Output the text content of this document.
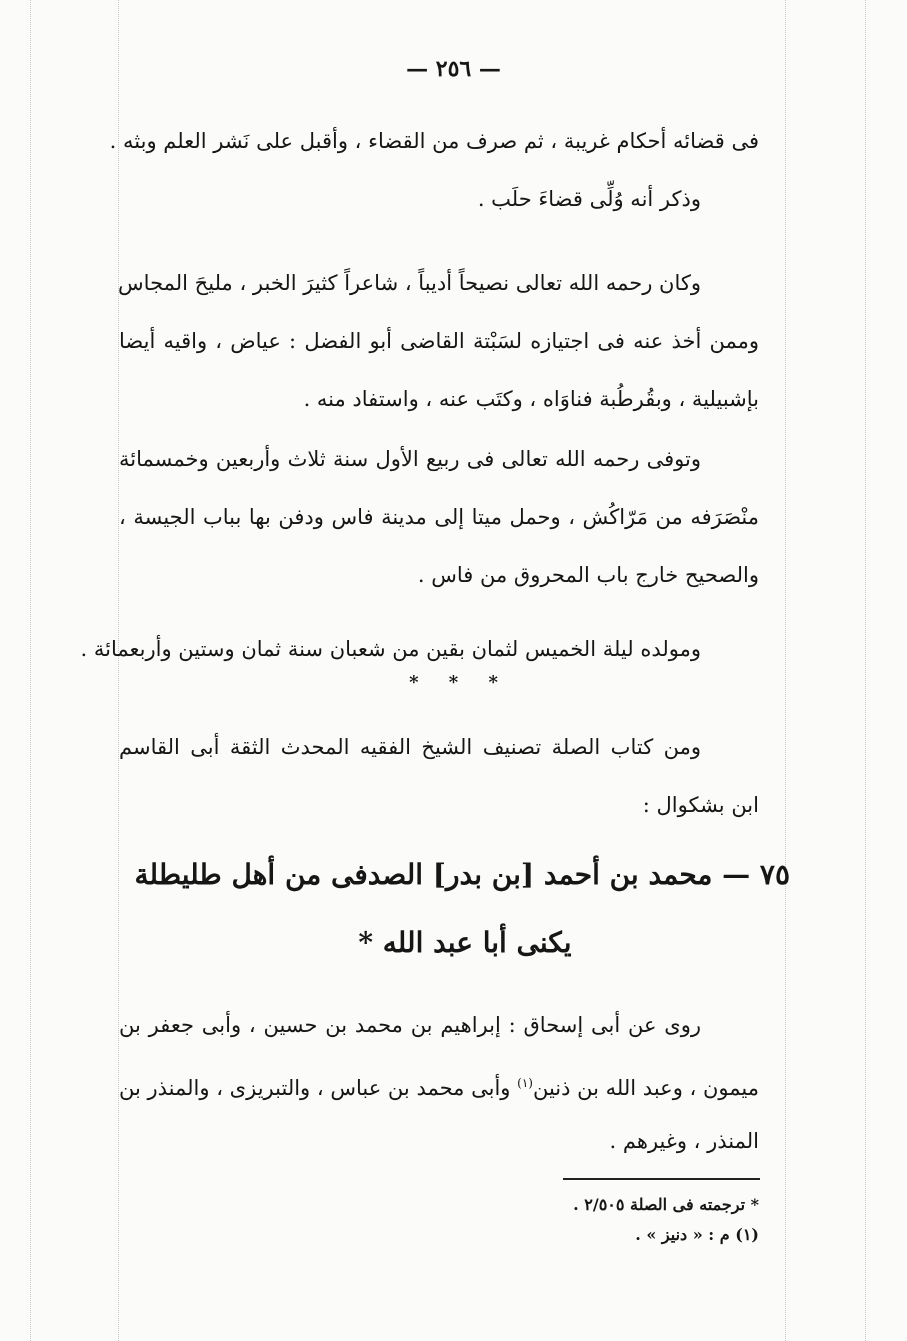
— ٢٥٦ —
فى قضائه أحكام غريبة ، ثم صرف من القضاء ، وأقبل على نَشر العلم وبثه .
وذكر أنه وُلِّى قضاءَ حلَب .
وكان رحمه الله تعالى نصيحاً أديباً ، شاعراً كثيرَ الخبر ، مليحَ المجاس
وممن أخذ عنه فى اجتيازه لسَبْتة القاضى أبو الفضل : عياض ، واقيه أيضا
بإشبيلية ، وبقُرطُبة فناوَاه ، وكتَب عنه ، واستفاد منه .
وتوفى رحمه الله تعالى فى ربيع الأول سنة ثلاث وأربعين وخمسمائة
منْصَرَفه من مَرّاكُش ، وحمل ميتا إلى مدينة فاس ودفن بها بباب الجيسة ،
والصحيح خارج باب المحروق من فاس .
ومولده ليلة الخميس لثمان بقين من شعبان سنة ثمان وستين وأربعمائة .
* * *
ومن كتاب الصلة تصنيف الشيخ الفقيه المحدث الثقة أبى القاسم
ابن بشكوال :
٧٥ — محمد بن أحمد [بن بدر] الصدفى من أهل طليطلة
يكنى أبا عبد الله *
روى عن أبى إسحاق : إبراهيم بن محمد بن حسين ، وأبى جعفر بن
ميمون ، وعبد الله بن ذنين$^{(١)}$ وأبى محمد بن عباس ، والتبريزى ، والمنذر بن
المنذر ، وغيرهم .
* ترجمته فى الصلة ٢/٥٠٥ .
(١) م : « دنيز » .
